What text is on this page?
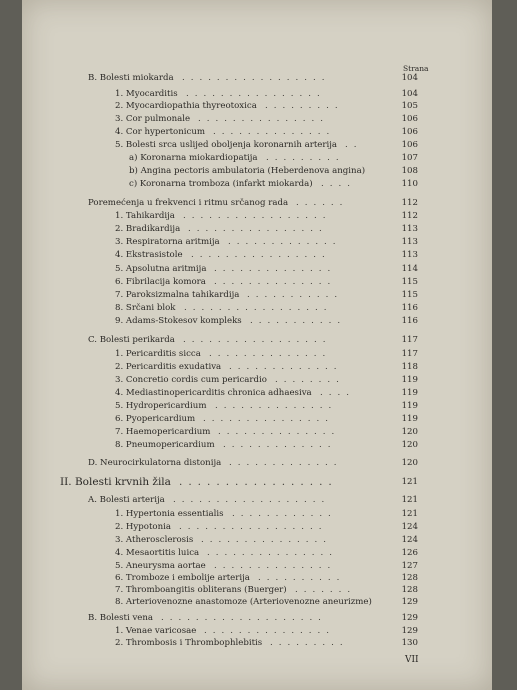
Strana
B. Bolesti miokarda .................	104
1. Myocarditis ................	104
2. Myocardiopathia thyreotoxica .........	105
3. Cor pulmonale ...............	106
4. Cor hypertonicum ..............	106
5. Bolesti srca uslijed oboljenja koronarnih arterija ..	106
a) Koronarna miokardiopatija .........	107
b) Angina pectoris ambulatoria (Heberdenova angina)	108
c) Koronarna tromboza (infarkt miokarda) ....	110
Poremećenja u frekvenci i ritmu srčanog rada ......	112
1. Tahikardija .................	112
2. Bradikardija ................	113
3. Respiratorna aritmija .............	113
4. Ekstrasistole ................	113
5. Apsolutna aritmija ..............	114
6. Fibrilacija komora ..............	115
7. Paroksizmalna tahikardija ...........	115
8. Srčani blok .................	116
9. Adams-Stokesov kompleks ...........	116
C. Bolesti perikarda .................	117
1. Pericarditis sicca ..............	117
2. Pericarditis exudativa .............	118
3. Concretio cordis cum pericardio ........	119
4. Mediastinopericarditis chronica adhaesiva ....	119
5. Hydropericardium ..............	119
6. Pyopericardium ...............	119
7. Haemopericardium ..............	120
8. Pneumopericardium .............	120
D. Neurocirkulatorna distonija .............	120
II. Bolesti krvnih žila .................	121
A. Bolesti arterija ..................	121
1. Hypertonia essentialis ............	121
2. Hypotonia .................	124
3. Atherosclerosis ...............	124
4. Mesaortitis luica ...............	126
5. Aneurysma aortae ..............	127
6. Tromboze i embolije arterija ..........	128
7. Thromboangitis obliterans (Buerger) .......	128
8. Arteriovenozne anastomoze (Arteriovenozne aneurizme)	129
B. Bolesti vena ...................	129
1. Venae varicosae ...............	129
2. Thrombosis i Thrombophlebitis .........	130
VII
